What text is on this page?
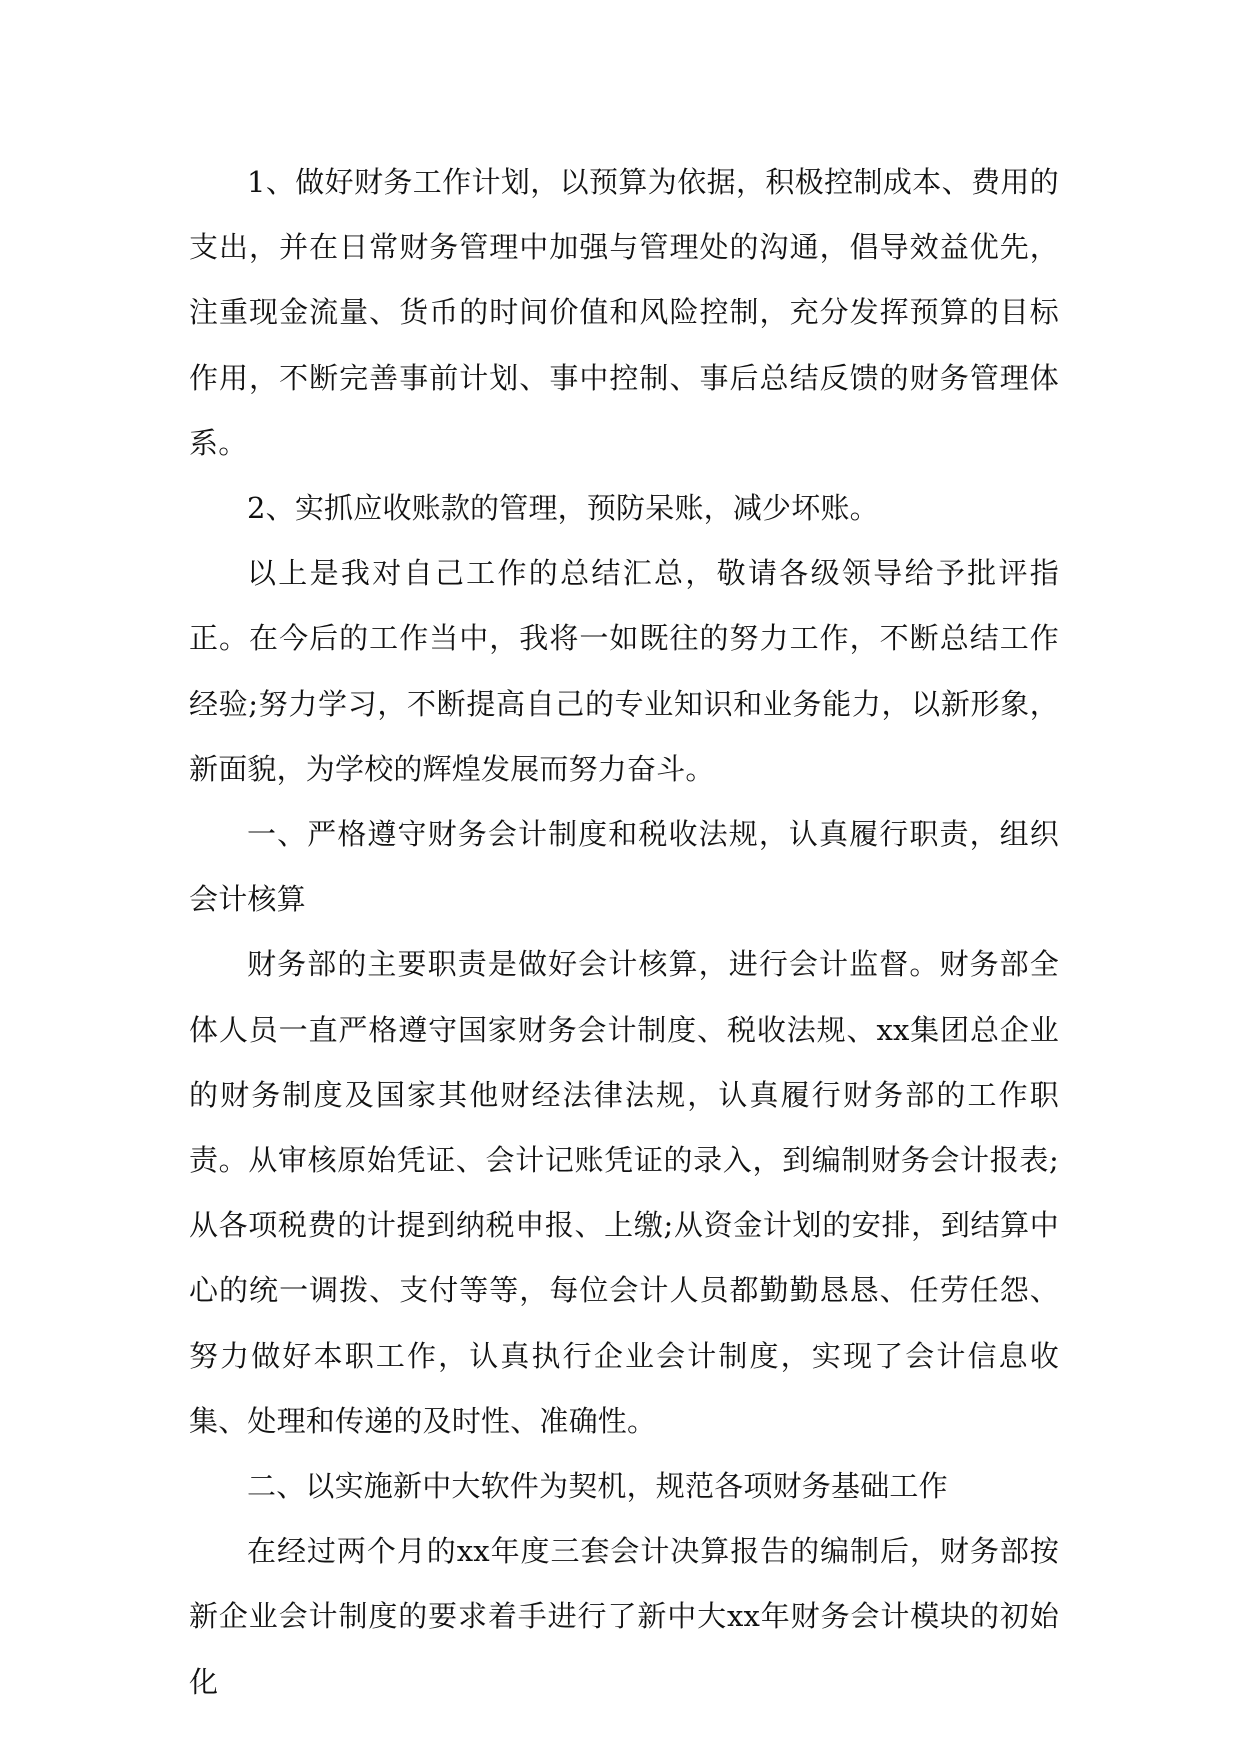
1、做好财务工作计划，以预算为依据，积极控制成本、费用的支出，并在日常财务管理中加强与管理处的沟通，倡导效益优先，注重现金流量、货币的时间价值和风险控制，充分发挥预算的目标作用，不断完善事前计划、事中控制、事后总结反馈的财务管理体系。

2、实抓应收账款的管理，预防呆账，减少坏账。

以上是我对自己工作的总结汇总，敬请各级领导给予批评指正。在今后的工作当中，我将一如既往的努力工作，不断总结工作经验;努力学习，不断提高自己的专业知识和业务能力，以新形象，新面貌，为学校的辉煌发展而努力奋斗。

一、严格遵守财务会计制度和税收法规，认真履行职责，组织会计核算

财务部的主要职责是做好会计核算，进行会计监督。财务部全体人员一直严格遵守国家财务会计制度、税收法规、xx集团总企业的财务制度及国家其他财经法律法规，认真履行财务部的工作职责。从审核原始凭证、会计记账凭证的录入，到编制财务会计报表;从各项税费的计提到纳税申报、上缴;从资金计划的安排，到结算中心的统一调拨、支付等等，每位会计人员都勤勤恳恳、任劳任怨、努力做好本职工作，认真执行企业会计制度，实现了会计信息收集、处理和传递的及时性、准确性。

二、以实施新中大软件为契机，规范各项财务基础工作

在经过两个月的xx年度三套会计决算报告的编制后，财务部按新企业会计制度的要求着手进行了新中大xx年财务会计模块的初始化
